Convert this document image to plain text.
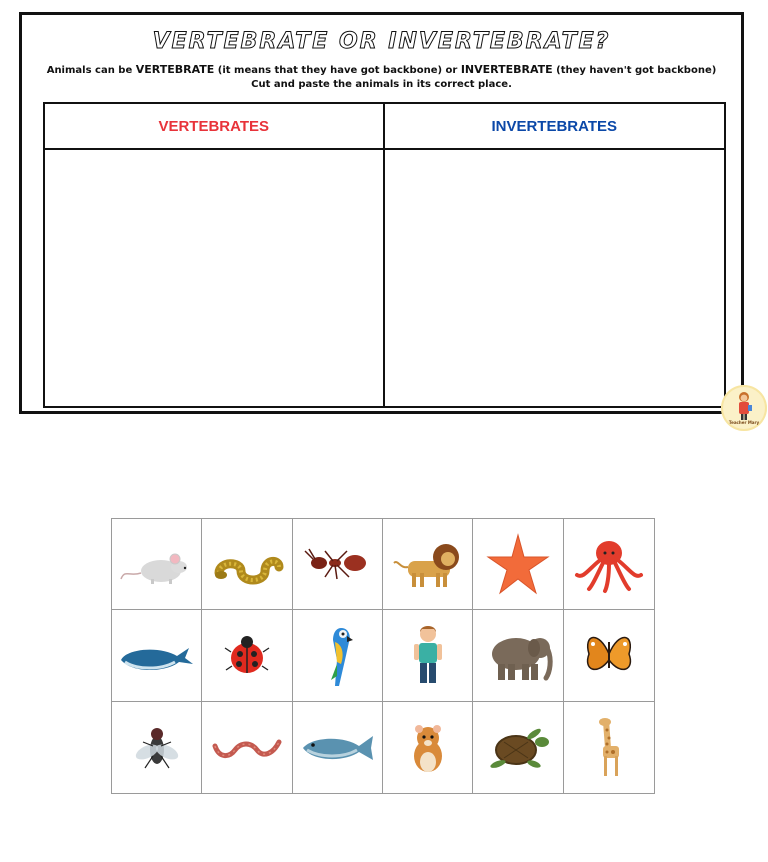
VERTEBRATE OR INVERTEBRATE?
Animals can be VERTEBRATE (it means that they have got backbone) or INVERTEBRATE (they haven't got backbone)
Cut and paste the animals in its correct place.
VERTEBRATES	INVERTEBRATES
Teacher Mary
